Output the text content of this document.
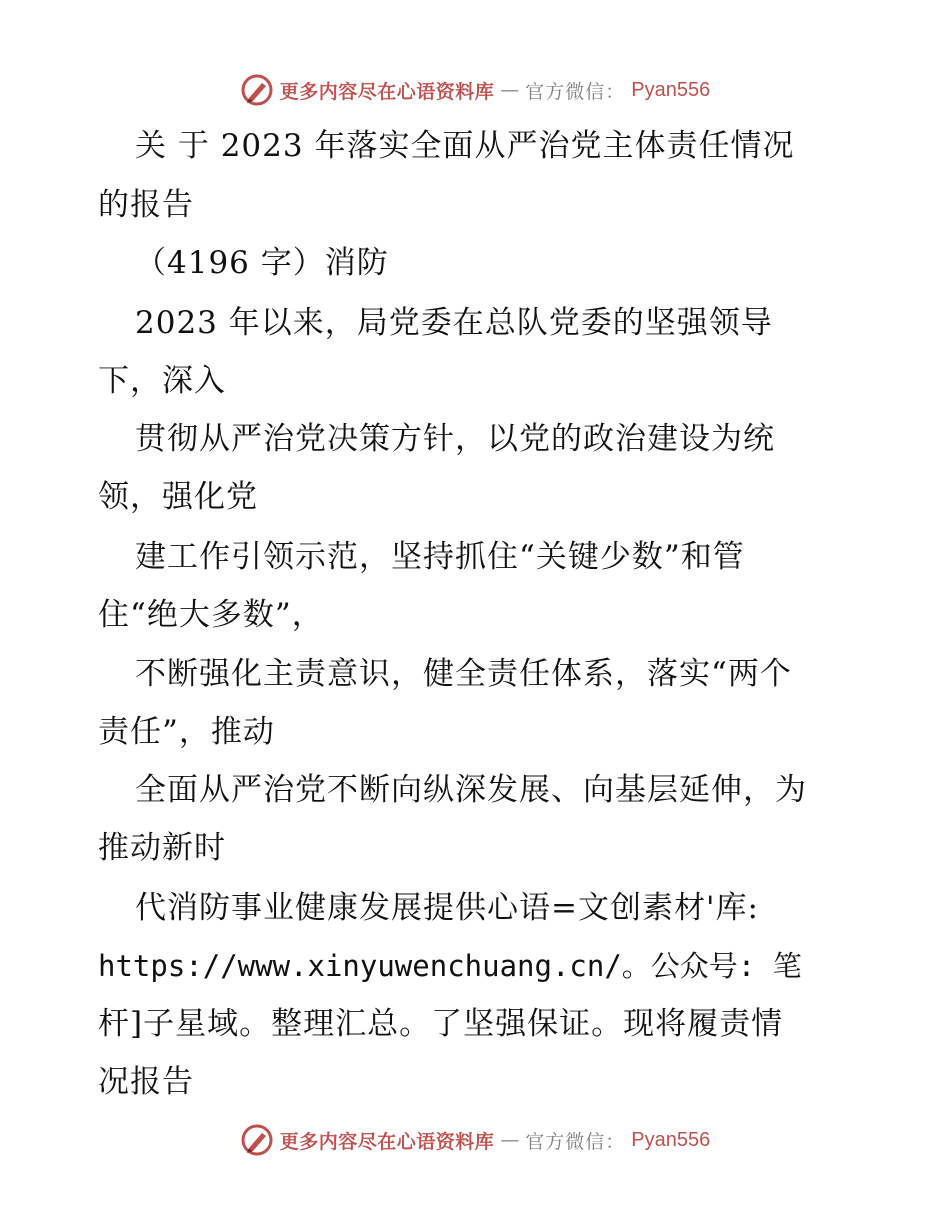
更多内容尽在心语资料库 — 官方微信： Pyan556
关 于 2023 年落实全面从严治党主体责任情况
的报告
（4196 字）消防
2023 年以来，局党委在总队党委的坚强领导
下，深入
贯彻从严治党决策方针，以党的政治建设为统
领，强化党
建工作引领示范，坚持抓住“关键少数”和管
住“绝大多数”，
不断强化主责意识，健全责任体系，落实“两个
责任”，推动
全面从严治党不断向纵深发展、向基层延伸，为
推动新时
代消防事业健康发展提供心语=文创素材'库:
https://www.xinyuwenchuang.cn/。公众号: 笔
杆]子星域。整理汇总。了坚强保证。现将履责情
况报告
更多内容尽在心语资料库 — 官方微信： Pyan556
